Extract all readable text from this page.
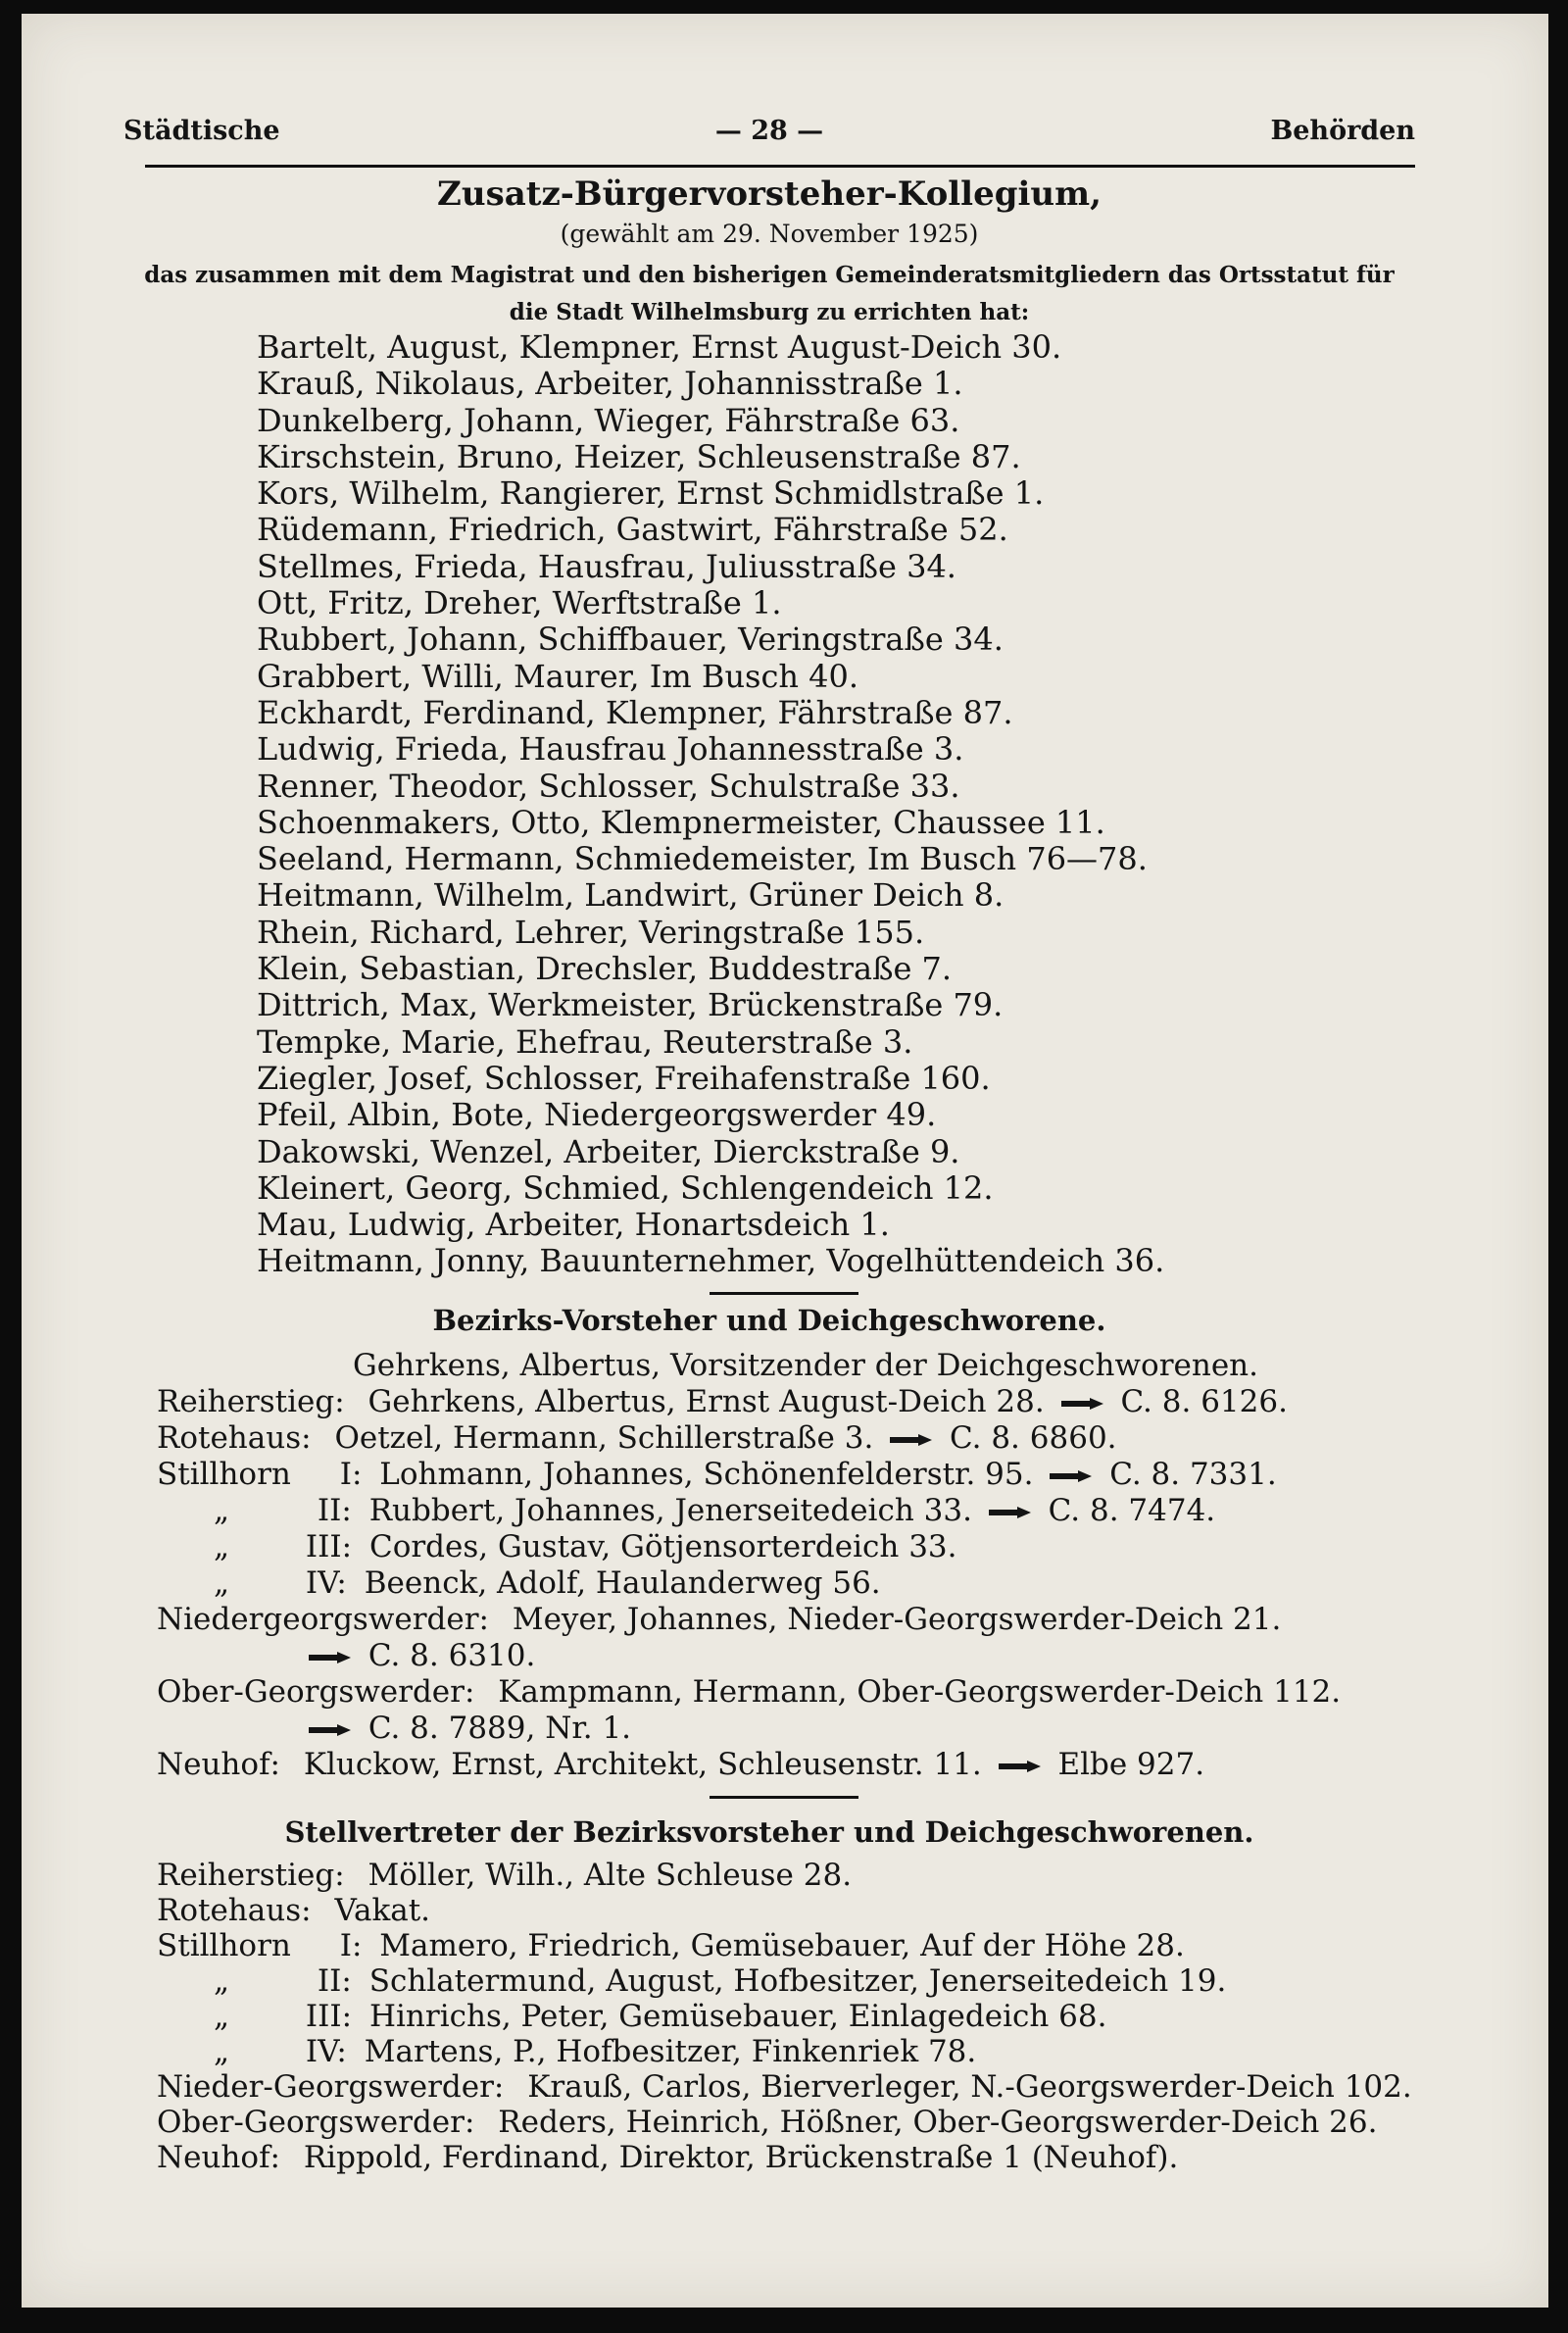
Städtische	— 28 —	Behörden
Zusatz-Bürgervorsteher-Kollegium,
(gewählt am 29. November 1925)
das zusammen mit dem Magistrat und den bisherigen Gemeinderatsmitgliedern das Ortsstatut für
die Stadt Wilhelmsburg zu errichten hat:
Bartelt, August, Klempner, Ernst August-Deich 30.
Krauß, Nikolaus, Arbeiter, Johannisstraße 1.
Dunkelberg, Johann, Wieger, Fährstraße 63.
Kirschstein, Bruno, Heizer, Schleusenstraße 87.
Kors, Wilhelm, Rangierer, Ernst Schmidlstraße 1.
Rüdemann, Friedrich, Gastwirt, Fährstraße 52.
Stellmes, Frieda, Hausfrau, Juliusstraße 34.
Ott, Fritz, Dreher, Werftstraße 1.
Rubbert, Johann, Schiffbauer, Veringstraße 34.
Grabbert, Willi, Maurer, Im Busch 40.
Eckhardt, Ferdinand, Klempner, Fährstraße 87.
Ludwig, Frieda, Hausfrau Johannesstraße 3.
Renner, Theodor, Schlosser, Schulstraße 33.
Schoenmakers, Otto, Klempnermeister, Chaussee 11.
Seeland, Hermann, Schmiedemeister, Im Busch 76—78.
Heitmann, Wilhelm, Landwirt, Grüner Deich 8.
Rhein, Richard, Lehrer, Veringstraße 155.
Klein, Sebastian, Drechsler, Buddestraße 7.
Dittrich, Max, Werkmeister, Brückenstraße 79.
Tempke, Marie, Ehefrau, Reuterstraße 3.
Ziegler, Josef, Schlosser, Freihafenstraße 160.
Pfeil, Albin, Bote, Niedergeorgswerder 49.
Dakowski, Wenzel, Arbeiter, Dierckstraße 9.
Kleinert, Georg, Schmied, Schlengendeich 12.
Mau, Ludwig, Arbeiter, Honartsdeich 1.
Heitmann, Jonny, Bauunternehmer, Vogelhüttendeich 36.
Bezirks-Vorsteher und Deichgeschworene.
Gehrkens, Albertus, Vorsitzender der Deichgeschworenen.
Reiherstieg: Gehrkens, Albertus, Ernst August-Deich 28.	C. 8. 6126.
Rotehaus: Oetzel, Hermann, Schillerstraße 3.	C. 8. 6860.
Stillhorn I: Lohmann, Johannes, Schönenfelderstr. 95.	C. 8. 7331.
„	II: Rubbert, Johannes, Jenerseitedeich 33.	C. 8. 7474.
„	III: Cordes, Gustav, Götjensorterdeich 33.
„	IV: Beenck, Adolf, Haulanderweg 56.
Niedergeorgswerder: Meyer, Johannes, Nieder-Georgswerder-Deich 21.
C. 8. 6310.
Ober-Georgswerder: Kampmann, Hermann, Ober-Georgswerder-Deich 112.
C. 8. 7889, Nr. 1.
Neuhof: Kluckow, Ernst, Architekt, Schleusenstr. 11.	Elbe 927.
Stellvertreter der Bezirksvorsteher und Deichgeschworenen.
Reiherstieg: Möller, Wilh., Alte Schleuse 28.
Rotehaus: Vakat.
Stillhorn I: Mamero, Friedrich, Gemüsebauer, Auf der Höhe 28.
„	II: Schlatermund, August, Hofbesitzer, Jenerseitedeich 19.
„	III: Hinrichs, Peter, Gemüsebauer, Einlagedeich 68.
„	IV: Martens, P., Hofbesitzer, Finkenriek 78.
Nieder-Georgswerder: Krauß, Carlos, Bierverleger, N.-Georgswerder-Deich 102.
Ober-Georgswerder: Reders, Heinrich, Hößner, Ober-Georgswerder-Deich 26.
Neuhof: Rippold, Ferdinand, Direktor, Brückenstraße 1 (Neuhof).
